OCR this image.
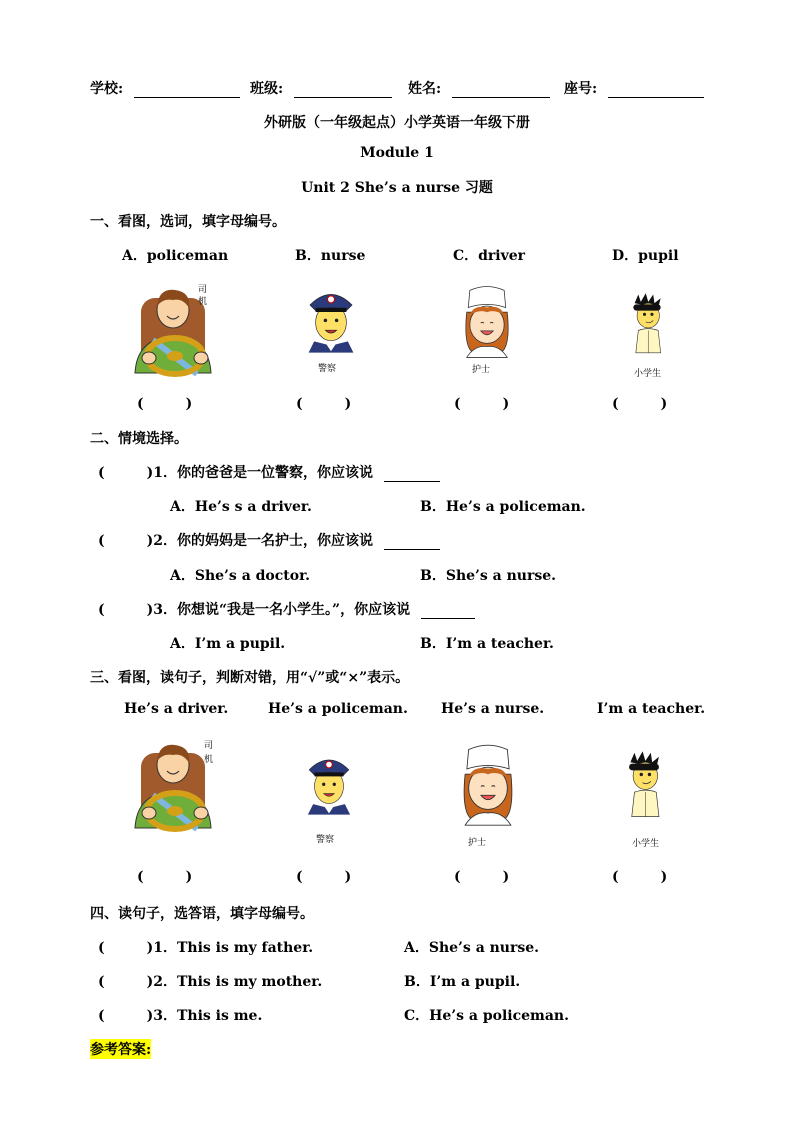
学校:	班级:	姓名:	座号:
外研版（一年级起点）小学英语一年级下册
Module 1
Unit 2 She’s a nurse 习题
一、看图，选词，填字母编号。
A．policeman	B．nurse	C．driver	D．pupil
司
机
警察	护士	小学生
(　　　)	(　　　)	(　　　)	(　　　)
二、情境选择。
(　　　)1．你的爸爸是一位警察，你应该说
A．He’s s a driver.	B．He’s a policeman.
(　　　)2．你的妈妈是一名护士，你应该说
A．She’s a doctor.	B．She’s a nurse.
(　　　)3．你想说“我是一名小学生。”，你应该说
A．I’m a pupil.	B．I’m a teacher.
三、看图，读句子，判断对错，用“√”或“×”表示。
He’s a driver.	He’s a policeman. He’s a nurse.	I’m a teacher.
司
机
警察	护士	小学生
(　　　)	(　　　)	(　　　)	(　　　)
四、读句子，选答语，填字母编号。
(　　　)1．This is my father.	A．She’s a nurse.
(　　　)2．This is my mother.	B．I’m a pupil.
(　　　)3．This is me.	C．He’s a policeman.
参考答案:
